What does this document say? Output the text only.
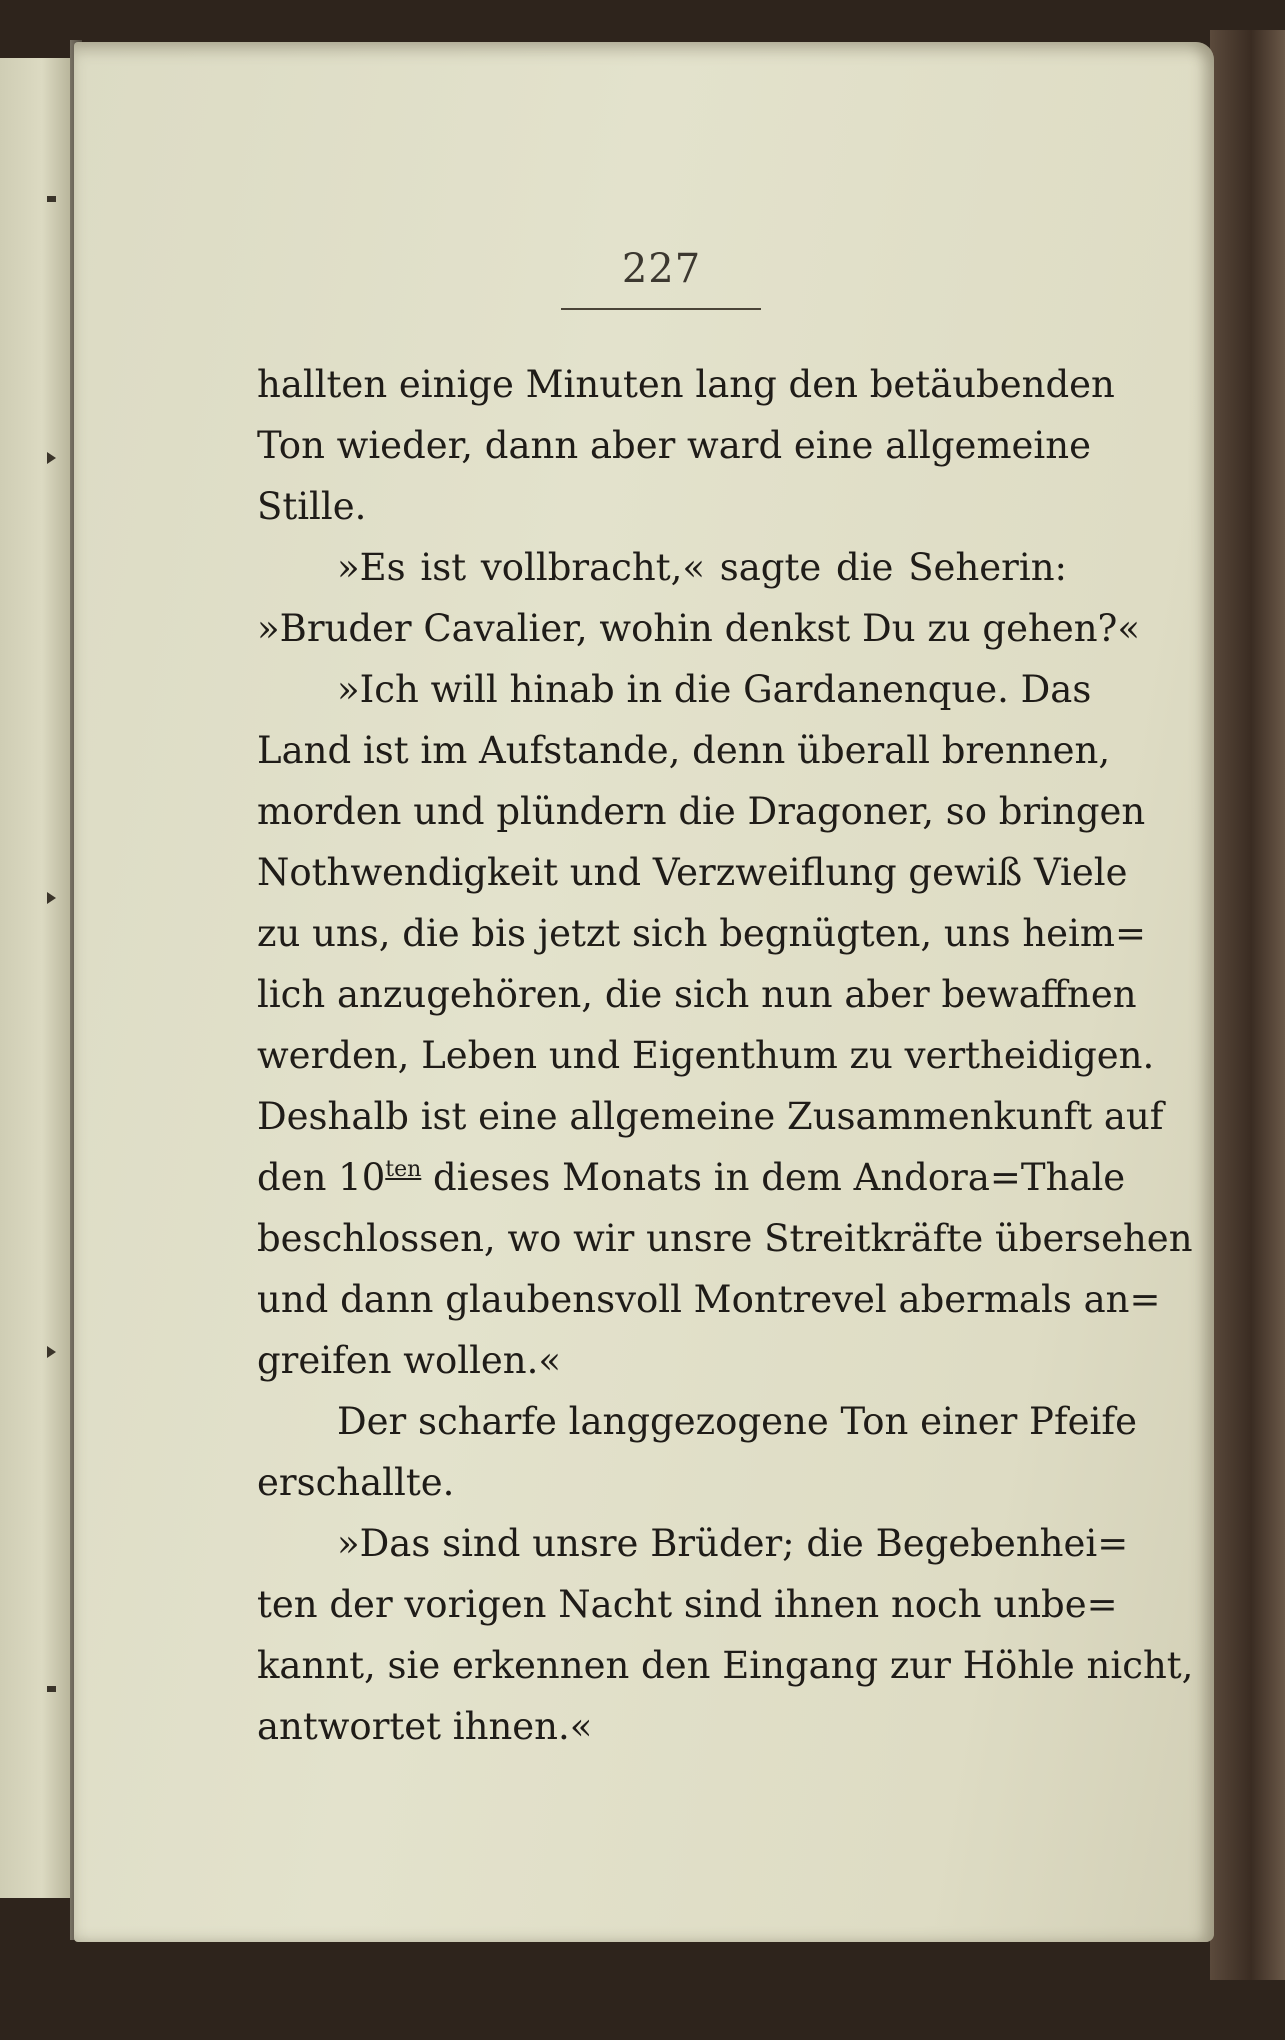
227
hallten einige Minuten lang den betäubenden
Ton wieder, dann aber ward eine allgemeine
Stille.
»Es ist vollbracht,« sagte die Seherin:
»Bruder Cavalier, wohin denkst Du zu gehen?«
»Ich will hinab in die Gardanenque. Das
Land ist im Aufstande, denn überall brennen,
morden und plündern die Dragoner, so bringen
Nothwendigkeit und Verzweiflung gewiß Viele
zu uns, die bis jetzt sich begnügten, uns heim=
lich anzugehören, die sich nun aber bewaffnen
werden, Leben und Eigenthum zu vertheidigen.
Deshalb ist eine allgemeine Zusammenkunft auf
den $10^{ten}$ dieses Monats in dem Andora=Thale
beschlossen, wo wir unsre Streitkräfte übersehen
und dann glaubensvoll Montrevel abermals an=
greifen wollen.«
Der scharfe langgezogene Ton einer Pfeife
erschallte.
»Das sind unsre Brüder; die Begebenhei=
ten der vorigen Nacht sind ihnen noch unbe=
kannt, sie erkennen den Eingang zur Höhle nicht,
antwortet ihnen.«
